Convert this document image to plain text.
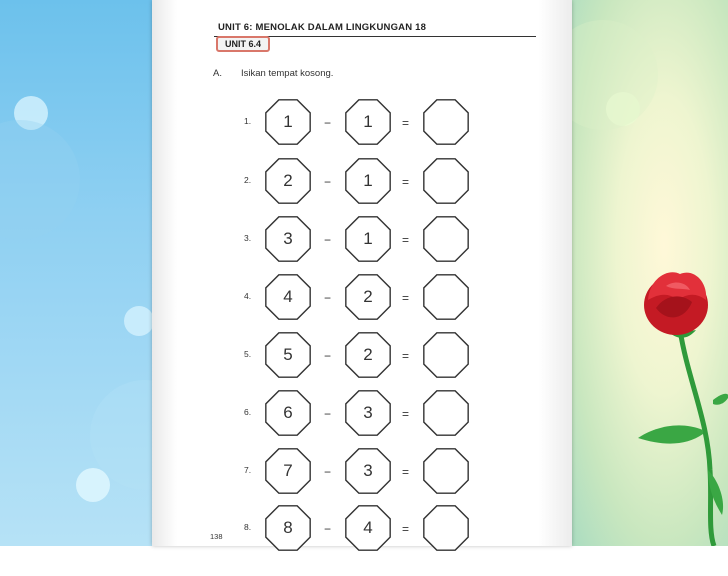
UNIT 6: MENOLAK DALAM LINGKUNGAN 18
UNIT 6.4
A. Isikan tempat kosong.
1.	1	−	1	=
2.	2	−	1	=
3.	3	−	1	=
4.	4	−	2	=
5.	5	−	2	=
6.	6	−	3	=
7.	7	−	3	=
8.	8	−	4	=
138
